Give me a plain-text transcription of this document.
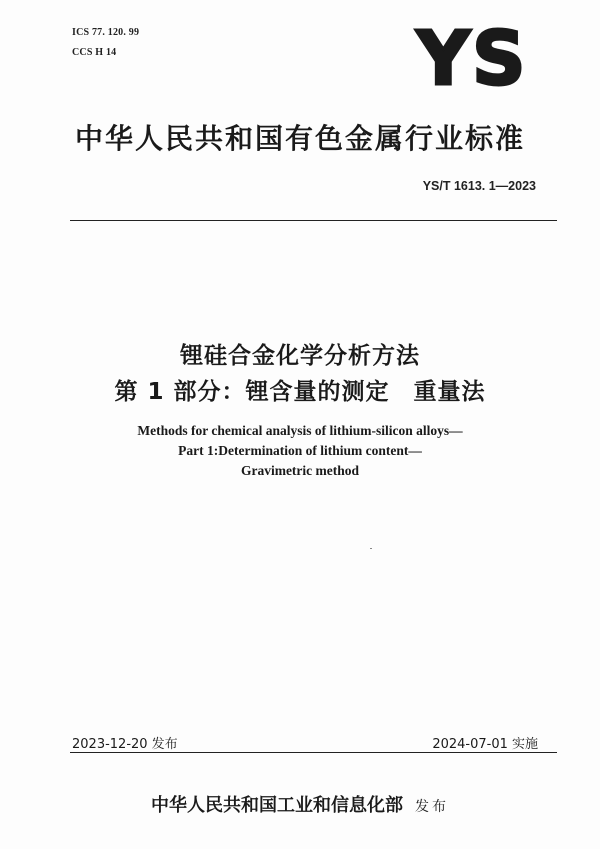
ICS 77. 120. 99
CCS H 14	YS
中华人民共和国有色金属行业标准
YS/T 1613. 1—2023
锂硅合金化学分析方法
第 1 部分：锂含量的测定　重量法
Methods for chemical analysis of lithium-silicon alloys—
Part 1:Determination of lithium content—
Gravimetric method
2023-12-20 发布	2024-07-01 实施
中华人民共和国工业和信息化部 发布
